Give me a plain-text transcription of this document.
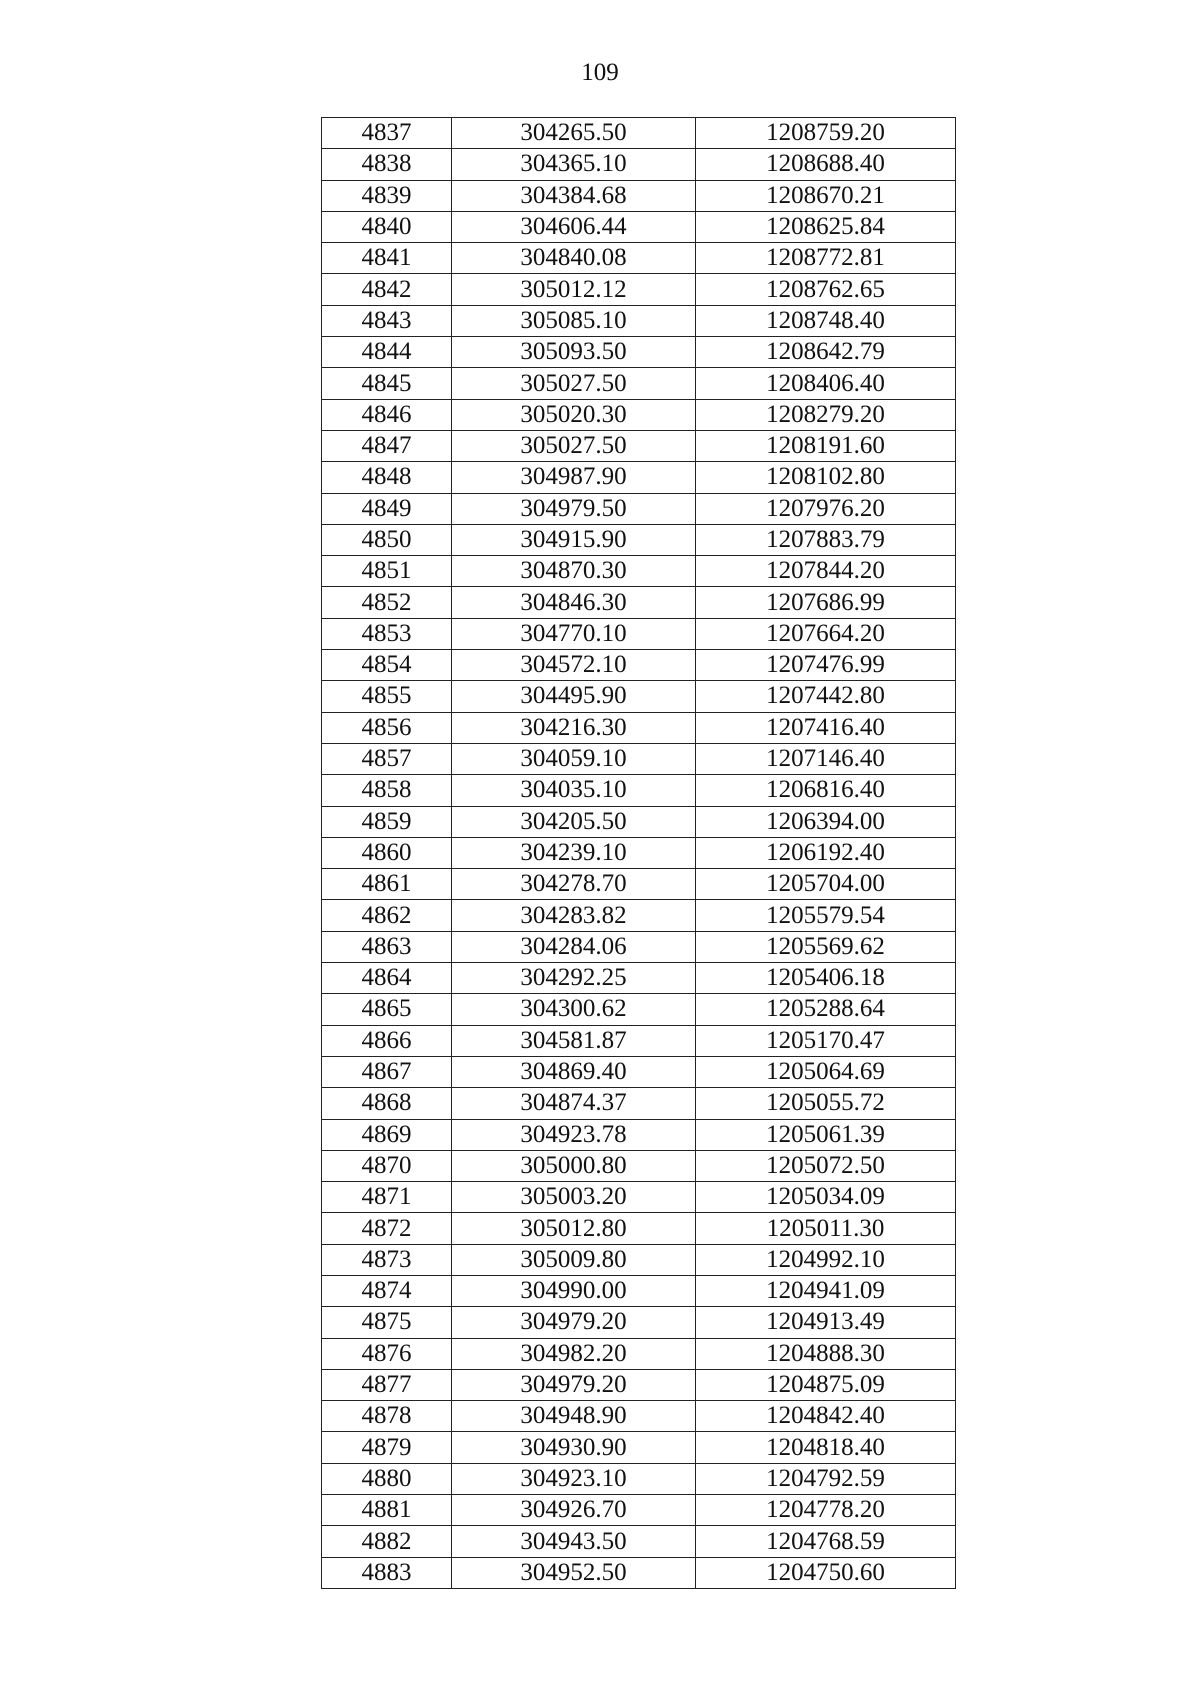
109
4837	304265.50	1208759.20
4838	304365.10	1208688.40
4839	304384.68	1208670.21
4840	304606.44	1208625.84
4841	304840.08	1208772.81
4842	305012.12	1208762.65
4843	305085.10	1208748.40
4844	305093.50	1208642.79
4845	305027.50	1208406.40
4846	305020.30	1208279.20
4847	305027.50	1208191.60
4848	304987.90	1208102.80
4849	304979.50	1207976.20
4850	304915.90	1207883.79
4851	304870.30	1207844.20
4852	304846.30	1207686.99
4853	304770.10	1207664.20
4854	304572.10	1207476.99
4855	304495.90	1207442.80
4856	304216.30	1207416.40
4857	304059.10	1207146.40
4858	304035.10	1206816.40
4859	304205.50	1206394.00
4860	304239.10	1206192.40
4861	304278.70	1205704.00
4862	304283.82	1205579.54
4863	304284.06	1205569.62
4864	304292.25	1205406.18
4865	304300.62	1205288.64
4866	304581.87	1205170.47
4867	304869.40	1205064.69
4868	304874.37	1205055.72
4869	304923.78	1205061.39
4870	305000.80	1205072.50
4871	305003.20	1205034.09
4872	305012.80	1205011.30
4873	305009.80	1204992.10
4874	304990.00	1204941.09
4875	304979.20	1204913.49
4876	304982.20	1204888.30
4877	304979.20	1204875.09
4878	304948.90	1204842.40
4879	304930.90	1204818.40
4880	304923.10	1204792.59
4881	304926.70	1204778.20
4882	304943.50	1204768.59
4883	304952.50	1204750.60
